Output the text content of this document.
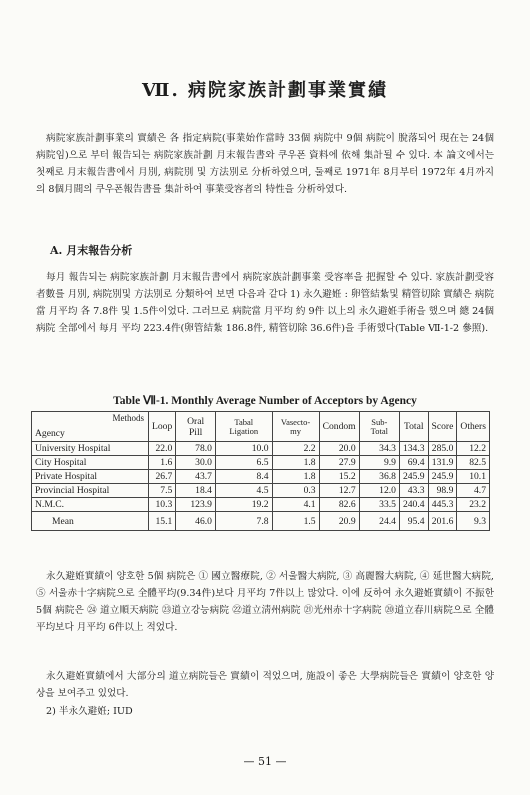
Ⅶ. 病院家族計劃事業實績
病院家族計劃事業의 實績은 各 指定病院(事業始作當時 33個 病院中 9個 病院이 脫落되어 現在는 24個 病院임)으로 부터 報告되는 病院家族計劃 月末報告書와 쿠우폰 資料에 依해 集計될 수 있다. 本 論文에서는 첫째로 月末報告書에서 月別, 病院別 및 方法別로 分析하였으며, 둘째로 1971年 8月부터 1972年 4月까지의 8個月間의 쿠우폰報告書를 集計하여 事業受容者의 特性을 分析하였다.
A. 月末報告分析
每月 報告되는 病院家族計劃 月末報告書에서 病院家族計劃事業 受容率을 把握할 수 있다. 家族計劃受容者數를 月別, 病院別및 方法別로 分類하여 보면 다음과 같다 1) 永久避姙 : 卵管結紮및 精管切除 實績은 病院當 月平均 各 7.8件 및 1.5件이었다. 그러므로 病院當 月平均 約 9件 以上의 永久避姙手術을 했으며 總 24個 病院 全部에서 每月 平均 223.4件(卵管結紮 186.8件, 精管切除 36.6件)을 手術했다(Table Ⅶ-1-2 參照).
Table Ⅶ-1. Monthly Average Number of Acceptors by Agency
Methods
Agency	Loop	Oral Pill	Tabal Ligation	Vasecto-my	Condom	Sub-Total	Total	Score	Others
University Hospital	22.0	78.0	10.0	2.2	20.0	34.3	134.3	285.0	12.2
City Hospital	1.6	30.0	6.5	1.8	27.9	9.9	69.4	131.9	82.5
Private Hospital	26.7	43.7	8.4	1.8	15.2	36.8	245.9	245.9	10.1
Provincial Hospital	7.5	18.4	4.5	0.3	12.7	12.0	43.3	98.9	4.7
N.M.C.	10.3	123.9	19.2	4.1	82.6	33.5	240.4	445.3	23.2
Mean	15.1	46.0	7.8	1.5	20.9	24.4	95.4	201.6	9.3
永久避姙實績이 양호한 5個 病院은 ① 國立醫療院, ② 서울醫大病院, ③ 高麗醫大病院, ④ 延世醫大病院, ⑤ 서울赤十字病院으로 全體平均(9.34件)보다 月平均 7件以上 많았다. 이에 反하여 永久避姙實績이 不振한 5個 病院은 ㉔ 道立順天病院 ㉓道立강능病院 ㉒道立淸州病院 ㉑光州赤十字病院 ⑳道立春川病院으로 全體 平均보다 月平均 6件以上 적었다.
永久避姙實績에서 大部分의 道立病院들은 實績이 적었으며, 施設이 좋은 大學病院들은 實績이 양호한 양상을 보여주고 있었다.
2) 半永久避姙; IUD
— 51 —
